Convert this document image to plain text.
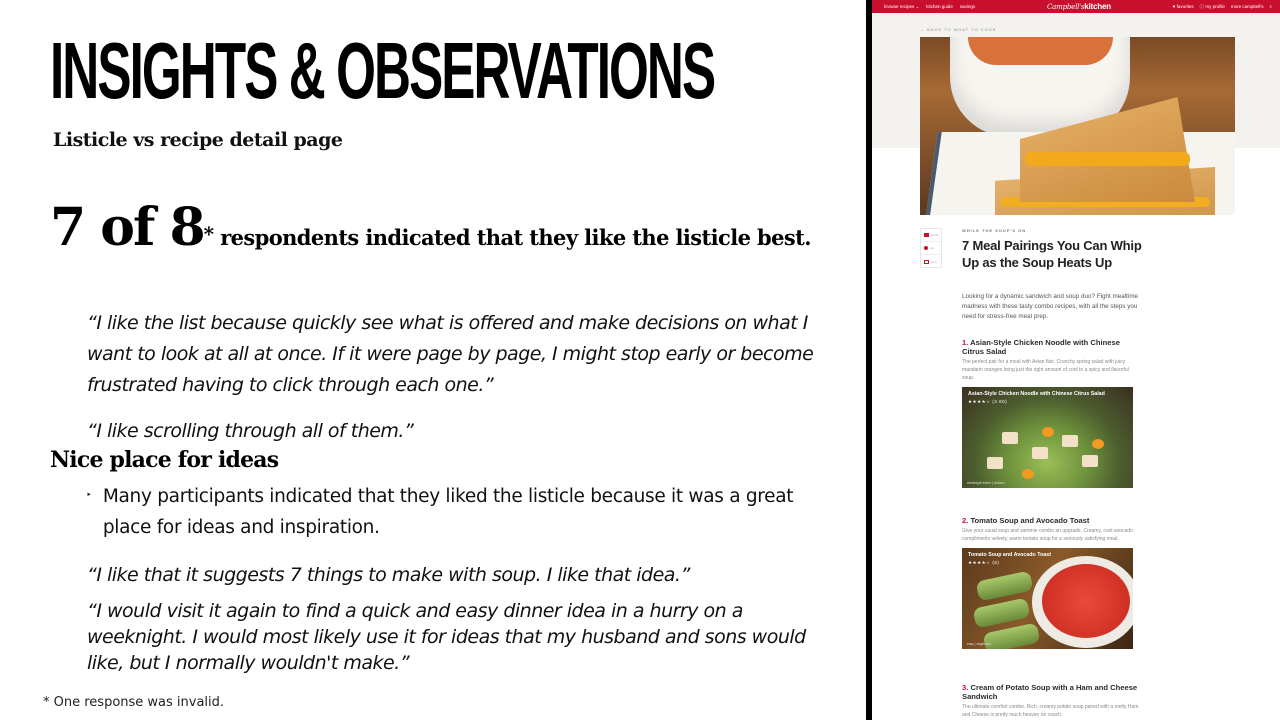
INSIGHTS & OBSERVATIONS
Listicle vs recipe detail page
7 of 8* respondents indicated that they like the listicle best.
“I like the list because quickly see what is offered and make decisions on what I want to look at all at once. If it were page by page, I might stop early or become frustrated having to click through each one.”
“I like scrolling through all of them.”
Nice place for ideas
‣ Many participants indicated that they liked the listicle because it was a great place for ideas and inspiration.
“I like that it suggests 7 things to make with soup. I like that idea.”
“I would visit it again to find a quick and easy dinner idea in a hurry on a weeknight. I would most likely use it for ideas that my husband and sons would like, but I normally wouldn't make.”
* One response was invalid.
browse recipes ⌄ kitchen guide savings	Campbell'skitchen	♥ favorites ⓘ my profile more campbell's ⌕
← BACK TO WHAT TO COOK
email
pin
print
WHILE THE SOUP'S ON
7 Meal Pairings You Can Whip Up as the Soup Heats Up
Looking for a dynamic sandwich and soup duo? Fight mealtime madness with these tasty combo recipes, with all the steps you need for stress-free meal prep.
1. Asian-Style Chicken Noodle with Chinese Citrus Salad
The perfect pair for a meal with Asian flair. Crunchy spring salad with juicy mandarin oranges bring just the right amount of cool to a spicy and flavorful soup.
Asian-Style Chicken Noodle with Chinese Citrus Salad
★★★★☆ (2.60)
weeknight dinner | chicken
2. Tomato Soup and Avocado Toast
Give your usual soup and sammie combo an upgrade. Creamy, cool avocado compliments velvety, warm tomato soup for a seriously satisfying meal.
Tomato Soup and Avocado Toast
★★★★☆ (6)
easy | vegetarian
3. Cream of Potato Soup with a Ham and Cheese Sandwich
The ultimate comfort combo. Rich, creamy potato soup paired with a melty Ham and Cheese is pretty much heaven on couch.
